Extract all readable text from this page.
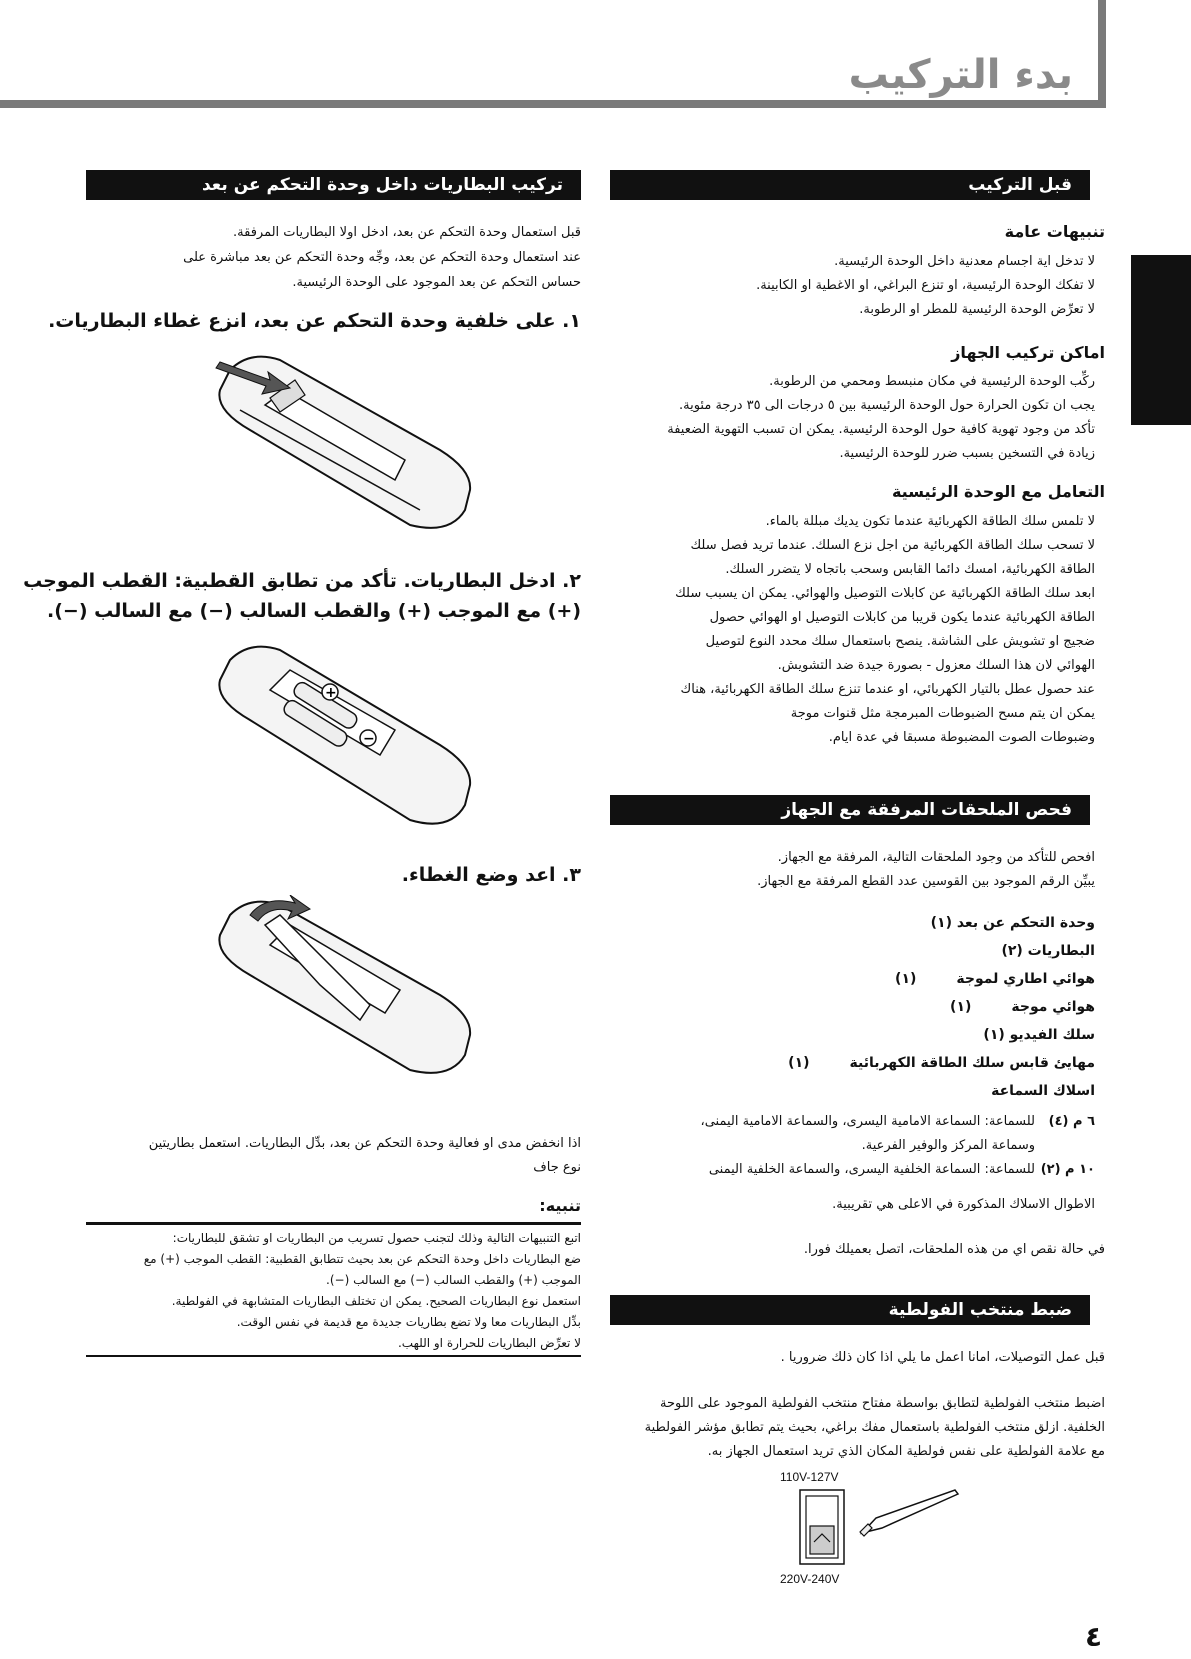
بدء التركيب
تركيب البطاريات داخل وحدة التحكم عن بعد
قبل استعمال وحدة التحكم عن بعد، ادخل اولا البطاريات المرفقة.
عند استعمال وحدة التحكم عن بعد، وجِّه وحدة التحكم عن بعد مباشرة على
حساس التحكم عن بعد الموجود على الوحدة الرئيسية.
١. على خلفية وحدة التحكم عن بعد، انزع غطاء البطاريات.
٢. ادخل البطاريات. تأكد من تطابق القطبية: القطب الموجب
(+) مع الموجب (+) والقطب السالب (−) مع السالب (−).
+
−
٣. اعد وضع الغطاء.
اذا انخفض مدى او فعالية وحدة التحكم عن بعد، بدِّل البطاريات. استعمل بطاريتين
نوع جاف
تنبيه:
اتبع التنبيهات التالية وذلك لتجنب حصول تسريب من البطاريات او تشقق للبطاريات:
ضع البطاريات داخل وحدة التحكم عن بعد بحيث تتطابق القطبية: القطب الموجب (+) مع
الموجب (+) والقطب السالب (−) مع السالب (−).
استعمل نوع البطاريات الصحيح. يمكن ان تختلف البطاريات المتشابهة في الفولطية.
بدِّل البطاريات معا ولا تضع بطاريات جديدة مع قديمة في نفس الوقت.
لا تعرِّض البطاريات للحرارة او اللهب.
قبل التركيب
تنبيهات عامة
لا تدخل اية اجسام معدنية داخل الوحدة الرئيسية.
لا تفكك الوحدة الرئيسية، او تنزع البراغي، او الاغطية او الكابينة.
لا تعرِّض الوحدة الرئيسية للمطر او الرطوبة.
اماكن تركيب الجهاز
ركِّب الوحدة الرئيسية في مكان منبسط ومحمي من الرطوبة.
يجب ان تكون الحرارة حول الوحدة الرئيسية بين ٥ درجات الى ٣٥ درجة مئوية.
تأكد من وجود تهوية كافية حول الوحدة الرئيسية. يمكن ان تسبب التهوية الضعيفة
زيادة في التسخين بسبب ضرر للوحدة الرئيسية.
التعامل مع الوحدة الرئيسية
لا تلمس سلك الطاقة الكهربائية عندما تكون يديك مبللة بالماء.
لا تسحب سلك الطاقة الكهربائية من اجل نزع السلك. عندما تريد فصل سلك
الطاقة الكهربائية، امسك دائما القابس وسحب باتجاه لا يتضرر السلك.
ابعد سلك الطاقة الكهربائية عن كابلات التوصيل والهوائي. يمكن ان يسبب سلك
الطاقة الكهربائية عندما يكون قريبا من كابلات التوصيل او الهوائي حصول
ضجيج او تشويش على الشاشة. ينصح باستعمال سلك محدد النوع لتوصيل
الهوائي لان هذا السلك معزول - بصورة جيدة ضد التشويش.
عند حصول عطل بالتيار الكهربائي، او عندما تنزع سلك الطاقة الكهربائية، هناك
يمكن ان يتم مسح الضبوطات المبرمجة مثل قنوات موجة
وضبوطات الصوت المضبوطة مسبقا في عدة ايام.
فحص الملحقات المرفقة مع الجهاز
افحص للتأكد من وجود الملحقات التالية، المرفقة مع الجهاز.
يبيِّن الرقم الموجود بين القوسين عدد القطع المرفقة مع الجهاز.
وحدة التحكم عن بعد (١)
البطاريات (٢)
هوائي اطاري لموجة(١)
هوائي موجة(١)
سلك الفيديو (١)
مهايئ قابس سلك الطاقة الكهربائية(١)
اسلاك السماعة
٦ م (٤)للسماعة: السماعة الامامية اليسرى، والسماعة الامامية اليمنى،
وسماعة المركز والوفير الفرعية.
١٠ م (٢)للسماعة: السماعة الخلفية اليسرى، والسماعة الخلفية اليمنى
الاطوال الاسلاك المذكورة في الاعلى هي تقريبية.
في حالة نقص اي من هذه الملحقات، اتصل بعميلك فورا.
ضبط منتخب الفولطية
قبل عمل التوصيلات، امانا اعمل ما يلي اذا كان ذلك ضروريا .
اضبط منتخب الفولطية لتطابق بواسطة مفتاح منتخب الفولطية الموجود على اللوحة
الخلفية. ازلق منتخب الفولطية باستعمال مفك براغي، بحيث يتم تطابق مؤشر الفولطية
مع علامة الفولطية على نفس فولطية المكان الذي تريد استعمال الجهاز به.
110V-127V
220V-240V
٤
